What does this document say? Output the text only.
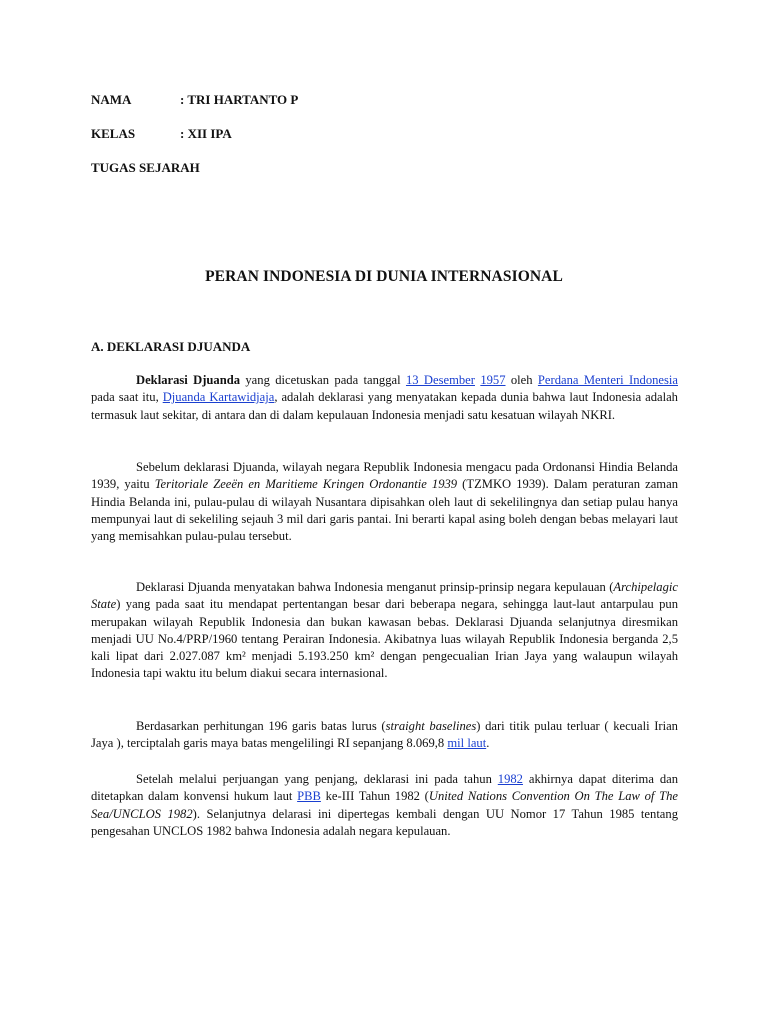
NAMA	: TRI HARTANTO P
KELAS	: XII IPA
TUGAS SEJARAH
PERAN INDONESIA DI DUNIA INTERNASIONAL
A. DEKLARASI DJUANDA

Deklarasi Djuanda yang dicetuskan pada tanggal 13 Desember 1957 oleh Perdana Menteri Indonesia pada saat itu, Djuanda Kartawidjaja, adalah deklarasi yang menyatakan kepada dunia bahwa laut Indonesia adalah termasuk laut sekitar, di antara dan di dalam kepulauan Indonesia menjadi satu kesatuan wilayah NKRI.

Sebelum deklarasi Djuanda, wilayah negara Republik Indonesia mengacu pada Ordonansi Hindia Belanda 1939, yaitu Teritoriale Zeeën en Maritieme Kringen Ordonantie 1939 (TZMKO 1939). Dalam peraturan zaman Hindia Belanda ini, pulau-pulau di wilayah Nusantara dipisahkan oleh laut di sekelilingnya dan setiap pulau hanya mempunyai laut di sekeliling sejauh 3 mil dari garis pantai. Ini berarti kapal asing boleh dengan bebas melayari laut yang memisahkan pulau-pulau tersebut.

Deklarasi Djuanda menyatakan bahwa Indonesia menganut prinsip-prinsip negara kepulauan (Archipelagic State) yang pada saat itu mendapat pertentangan besar dari beberapa negara, sehingga laut-laut antarpulau pun merupakan wilayah Republik Indonesia dan bukan kawasan bebas. Deklarasi Djuanda selanjutnya diresmikan menjadi UU No.4/PRP/1960 tentang Perairan Indonesia. Akibatnya luas wilayah Republik Indonesia berganda 2,5 kali lipat dari 2.027.087 km² menjadi 5.193.250 km² dengan pengecualian Irian Jaya yang walaupun wilayah Indonesia tapi waktu itu belum diakui secara internasional.

Berdasarkan perhitungan 196 garis batas lurus (straight baselines) dari titik pulau terluar ( kecuali Irian Jaya ), terciptalah garis maya batas mengelilingi RI sepanjang 8.069,8 mil laut.

Setelah melalui perjuangan yang penjang, deklarasi ini pada tahun 1982 akhirnya dapat diterima dan ditetapkan dalam konvensi hukum laut PBB ke-III Tahun 1982 (United Nations Convention On The Law of The Sea/UNCLOS 1982). Selanjutnya delarasi ini dipertegas kembali dengan UU Nomor 17 Tahun 1985 tentang pengesahan UNCLOS 1982 bahwa Indonesia adalah negara kepulauan.
